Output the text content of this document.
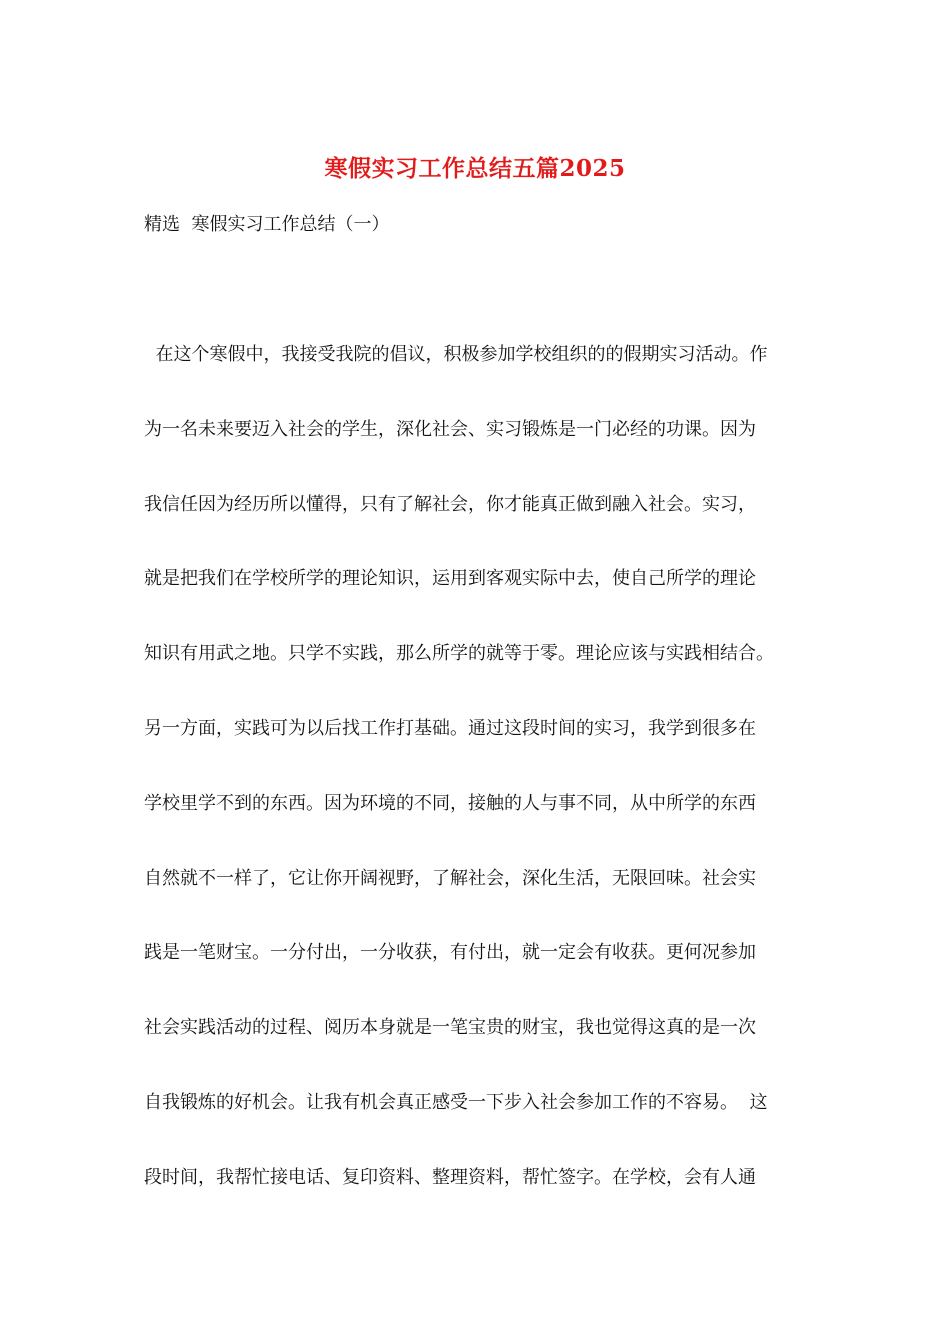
寒假实习工作总结五篇2025
精选  寒假实习工作总结（一）
在这个寒假中，我接受我院的倡议，积极参加学校组织的的假期实习活动。作
为一名未来要迈入社会的学生，深化社会、实习锻炼是一门必经的功课。因为
我信任因为经历所以懂得，只有了解社会，你才能真正做到融入社会。实习，
就是把我们在学校所学的理论知识，运用到客观实际中去，使自己所学的理论
知识有用武之地。只学不实践，那么所学的就等于零。理论应该与实践相结合。
另一方面，实践可为以后找工作打基础。通过这段时间的实习，我学到很多在
学校里学不到的东西。因为环境的不同，接触的人与事不同，从中所学的东西
自然就不一样了，它让你开阔视野，了解社会，深化生活，无限回味。社会实
践是一笔财宝。一分付出，一分收获，有付出，就一定会有收获。更何况参加
社会实践活动的过程、阅历本身就是一笔宝贵的财宝，我也觉得这真的是一次
自我锻炼的好机会。让我有机会真正感受一下步入社会参加工作的不容易。  这
段时间，我帮忙接电话、复印资料、整理资料，帮忙签字。在学校，会有人通
